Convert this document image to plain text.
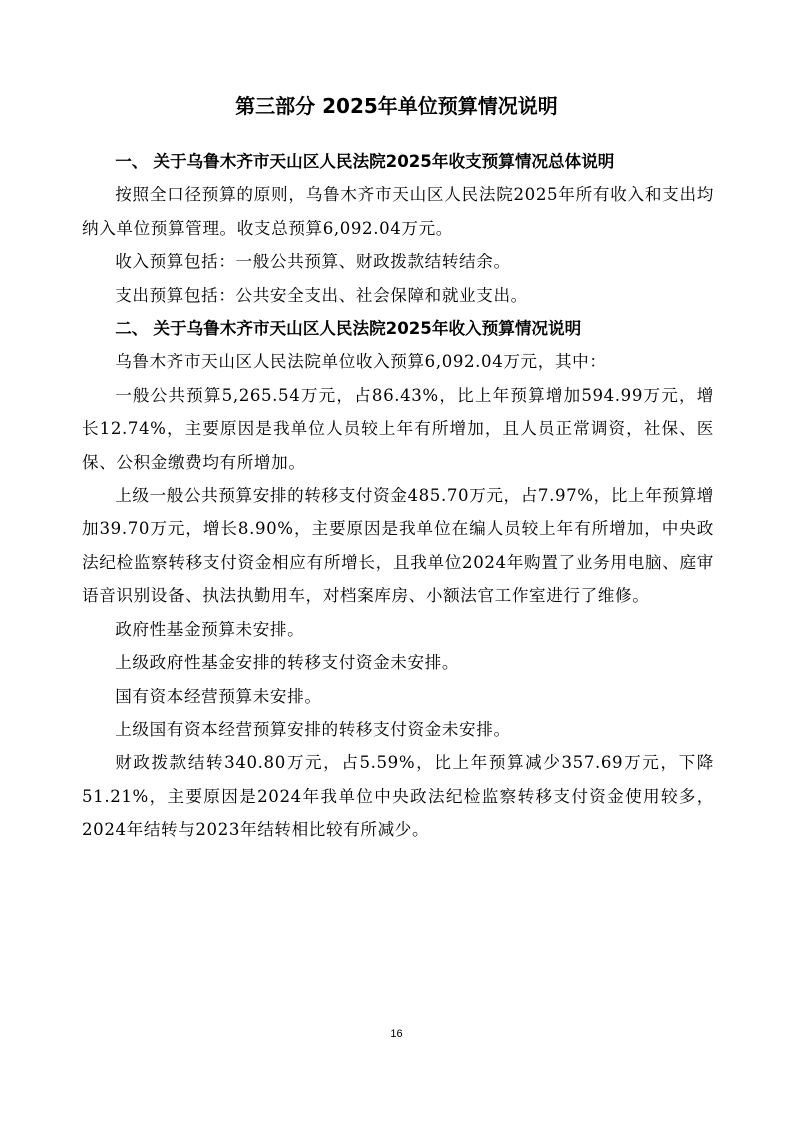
第三部分 2025年单位预算情况说明
一、 关于乌鲁木齐市天山区人民法院2025年收支预算情况总体说明

按照全口径预算的原则，乌鲁木齐市天山区人民法院2025年所有收入和支出均纳入单位预算管理。收支总预算6,092.04万元。

收入预算包括：一般公共预算、财政拨款结转结余。

支出预算包括：公共安全支出、社会保障和就业支出。

二、 关于乌鲁木齐市天山区人民法院2025年收入预算情况说明

乌鲁木齐市天山区人民法院单位收入预算6,092.04万元，其中：

一般公共预算5,265.54万元，占86.43%，比上年预算增加594.99万元，增长12.74%，主要原因是我单位人员较上年有所增加，且人员正常调资，社保、医保、公积金缴费均有所增加。

上级一般公共预算安排的转移支付资金485.70万元，占7.97%，比上年预算增加39.70万元，增长8.90%，主要原因是我单位在编人员较上年有所增加，中央政法纪检监察转移支付资金相应有所增长，且我单位2024年购置了业务用电脑、庭审语音识别设备、执法执勤用车，对档案库房、小额法官工作室进行了维修。

政府性基金预算未安排。

上级政府性基金安排的转移支付资金未安排。

国有资本经营预算未安排。

上级国有资本经营预算安排的转移支付资金未安排。

财政拨款结转340.80万元，占5.59%，比上年预算减少357.69万元，下降51.21%，主要原因是2024年我单位中央政法纪检监察转移支付资金使用较多，2024年结转与2023年结转相比较有所减少。

16
